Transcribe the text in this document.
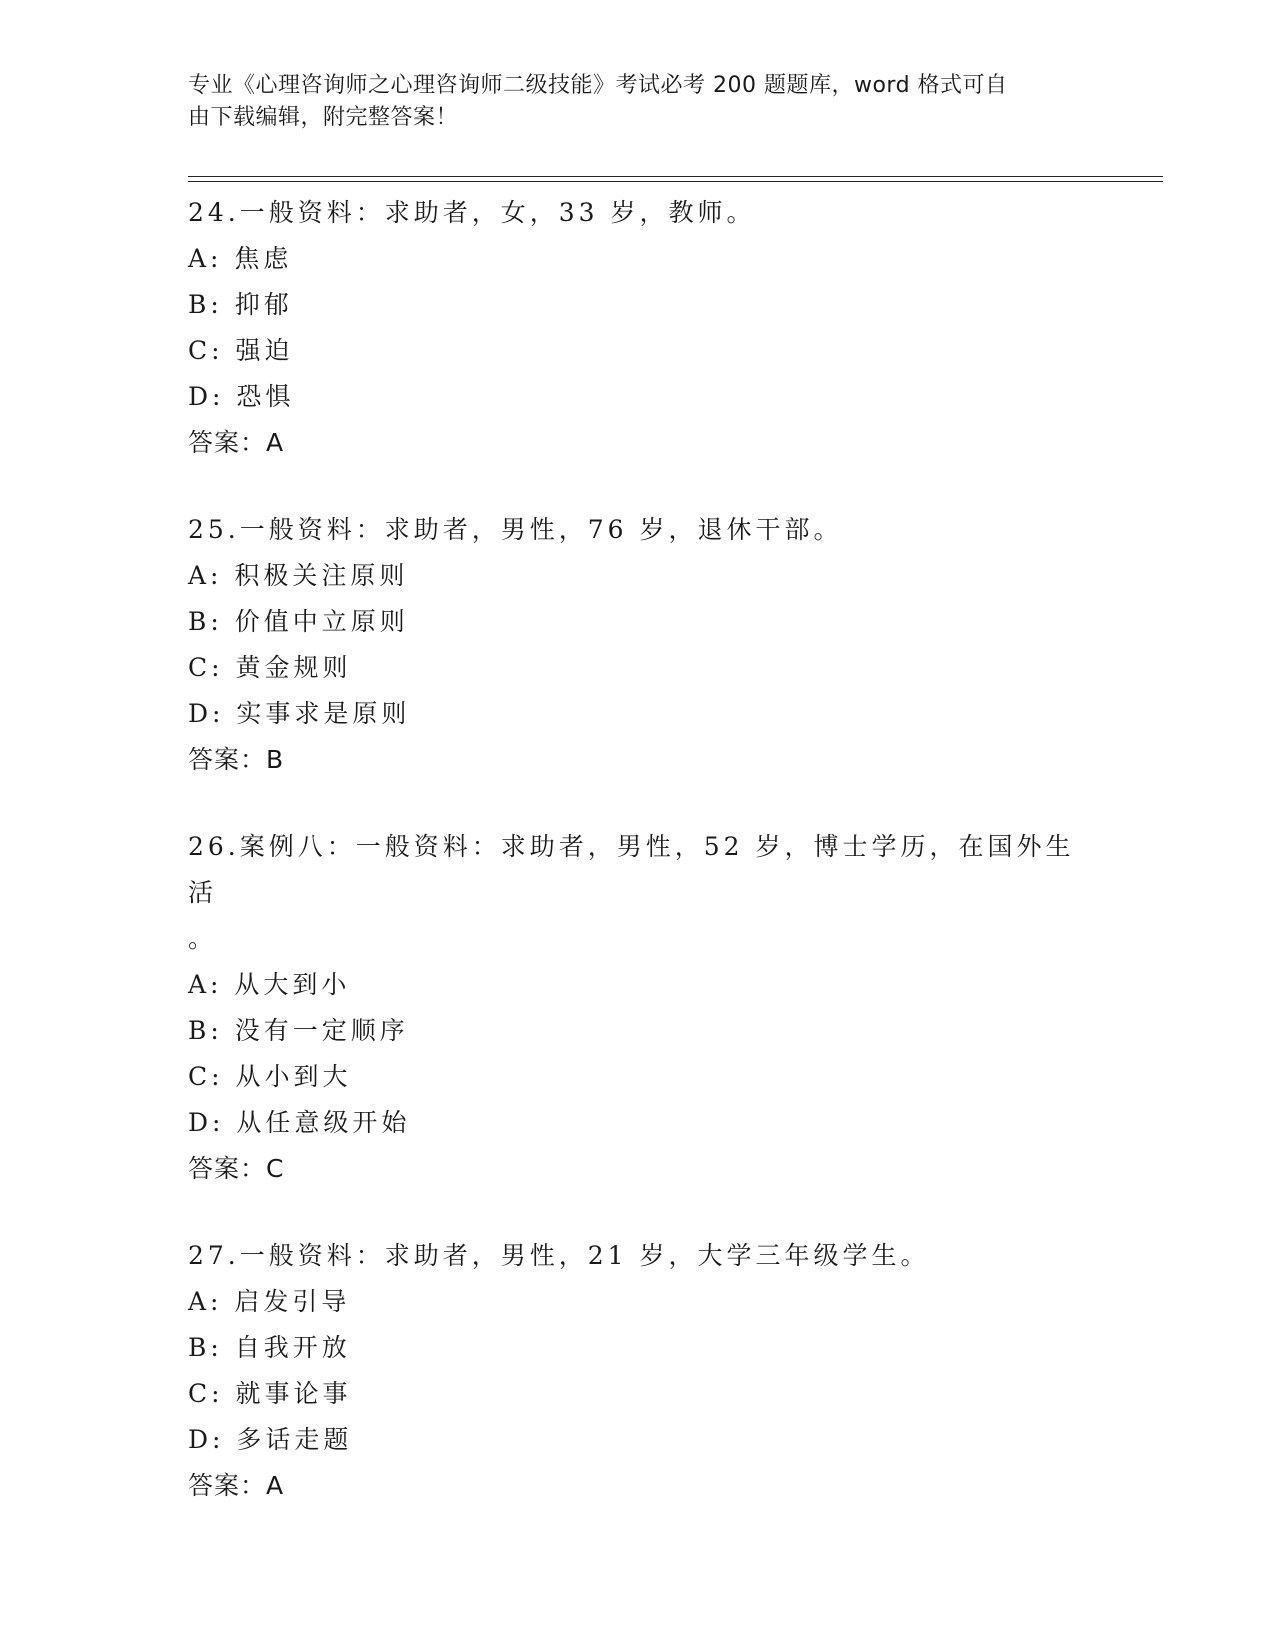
专业《心理咨询师之心理咨询师二级技能》考试必考 200 题题库，word 格式可自
由下载编辑，附完整答案！
24.一般资料：求助者，女，33 岁，教师。
A: 焦虑
B: 抑郁
C: 强迫
D: 恐惧
答案：A
25.一般资料：求助者，男性，76 岁，退休干部。
A: 积极关注原则
B: 价值中立原则
C: 黄金规则
D: 实事求是原则
答案：B
26.案例八：一般资料：求助者，男性，52 岁，博士学历，在国外生活
。
A: 从大到小
B: 没有一定顺序
C: 从小到大
D: 从任意级开始
答案：C
27.一般资料：求助者，男性，21 岁，大学三年级学生。
A: 启发引导
B: 自我开放
C: 就事论事
D: 多话走题
答案：A
